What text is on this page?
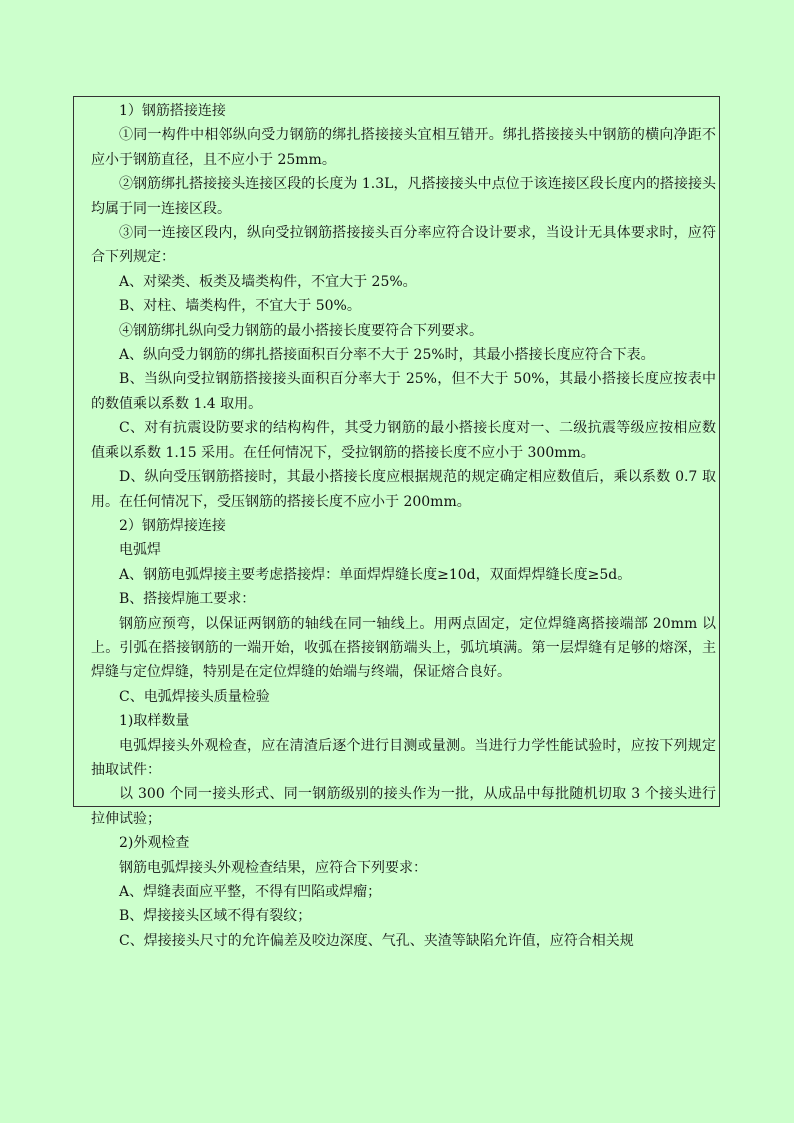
1）钢筋搭接连接

①同一构件中相邻纵向受力钢筋的绑扎搭接接头宜相互错开。绑扎搭接接头中钢筋的横向净距不应小于钢筋直径，且不应小于 25mm。

②钢筋绑扎搭接接头连接区段的长度为 1.3L，凡搭接接头中点位于该连接区段长度内的搭接接头均属于同一连接区段。

③同一连接区段内，纵向受拉钢筋搭接接头百分率应符合设计要求，当设计无具体要求时，应符合下列规定：

A、对梁类、板类及墙类构件，不宜大于 25%。

B、对柱、墙类构件，不宜大于 50%。

④钢筋绑扎纵向受力钢筋的最小搭接长度要符合下列要求。

A、纵向受力钢筋的绑扎搭接面积百分率不大于 25%时，其最小搭接长度应符合下表。

B、当纵向受拉钢筋搭接接头面积百分率大于 25%，但不大于 50%，其最小搭接长度应按表中的数值乘以系数 1.4 取用。

C、对有抗震设防要求的结构构件，其受力钢筋的最小搭接长度对一、二级抗震等级应按相应数值乘以系数 1.15 采用。在任何情况下，受拉钢筋的搭接长度不应小于 300mm。

D、纵向受压钢筋搭接时，其最小搭接长度应根据规范的规定确定相应数值后，乘以系数 0.7 取用。在任何情况下，受压钢筋的搭接长度不应小于 200mm。

2）钢筋焊接连接

电弧焊

A、钢筋电弧焊接主要考虑搭接焊：单面焊焊缝长度≥10d，双面焊焊缝长度≥5d。

B、搭接焊施工要求：

钢筋应预弯，以保证两钢筋的轴线在同一轴线上。用两点固定，定位焊缝离搭接端部 20mm 以上。引弧在搭接钢筋的一端开始，收弧在搭接钢筋端头上，弧坑填满。第一层焊缝有足够的熔深，主焊缝与定位焊缝，特别是在定位焊缝的始端与终端，保证熔合良好。

C、电弧焊接头质量检验

1)取样数量

电弧焊接头外观检查，应在清渣后逐个进行目测或量测。当进行力学性能试验时，应按下列规定抽取试件：

以 300 个同一接头形式、同一钢筋级别的接头作为一批，从成品中每批随机切取 3 个接头进行拉伸试验；

2)外观检查

钢筋电弧焊接头外观检查结果，应符合下列要求：

A、焊缝表面应平整，不得有凹陷或焊瘤；

B、焊接接头区域不得有裂纹；

C、焊接接头尺寸的允许偏差及咬边深度、气孔、夹渣等缺陷允许值，应符合相关规
